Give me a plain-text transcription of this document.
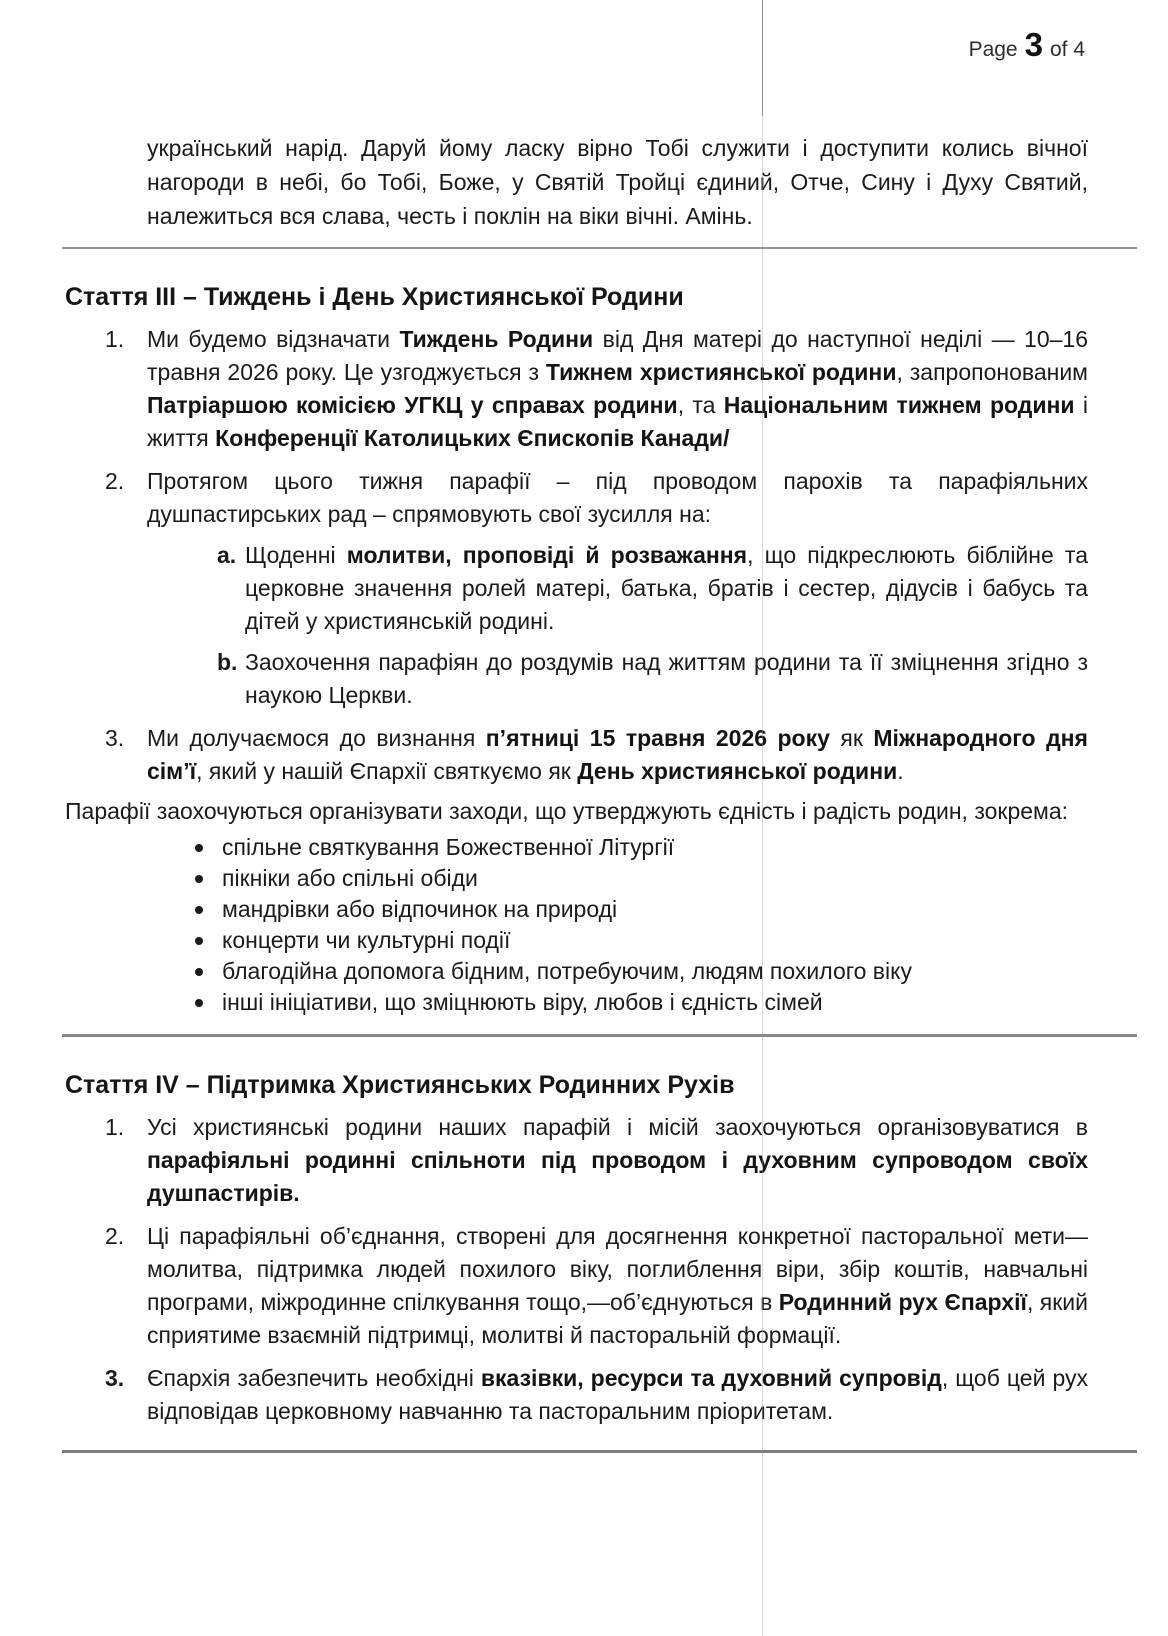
Page 3 of 4

український нарід. Даруй йому ласку вірно Тобі служити і доступити колись вічної нагороди в небі, бо Тобі, Боже, у Святій Тройці єдиний, Отче, Сину і Духу Святий, належиться вся слава, честь і поклін на віки вічні. Амінь.

Стаття III – Тиждень і День Християнської Родини
1. Ми будемо відзначати Тиждень Родини від Дня матері до наступної неділі — 10–16 травня 2026 року. Це узгоджується з Тижнем християнської родини, запропонованим Патріаршою комісією УГКЦ у справах родини, та Національним тижнем родини і життя Конференції Католицьких Єпископів Канади/
2. Протягом цього тижня парафії – під проводом парохів та парафіяльних душпастирських рад – спрямовують свої зусилля на:
a. Щоденні молитви, проповіді й розважання, що підкреслюють біблійне та церковне значення ролей матері, батька, братів і сестер, дідусів і бабусь та дітей у християнській родині.
b. Заохочення парафіян до роздумів над життям родини та її зміцнення згідно з наукою Церкви.
3. Ми долучаємося до визнання п’ятниці 15 травня 2026 року як Міжнародного дня сім’ї, який у нашій Єпархії святкуємо як День християнської родини.

Парафії заохочуються організувати заходи, що утверджують єдність і радість родин, зокрема:

спільне святкування Божественної Літургії
пікніки або спільні обіди
мандрівки або відпочинок на природі
концерти чи культурні події
благодійна допомога бідним, потребуючим, людям похилого віку
інші ініціативи, що зміцнюють віру, любов і єдність сімей
Стаття IV – Підтримка Християнських Родинних Рухів
1. Усі християнські родини наших парафій і місій заохочуються організовуватися в парафіяльні родинні спільноти під проводом і духовним супроводом своїх душпастирів.
2. Ці парафіяльні об’єднання, створені для досягнення конкретної пасторальної мети—молитва, підтримка людей похилого віку, поглиблення віри, збір коштів, навчальні програми, міжродинне спілкування тощо,—об’єднуються в Родинний рух Єпархії, який сприятиме взаємній підтримці, молитві й пасторальній формації.
3. Єпархія забезпечить необхідні вказівки, ресурси та духовний супровід, щоб цей рух відповідав церковному навчанню та пасторальним пріоритетам.
